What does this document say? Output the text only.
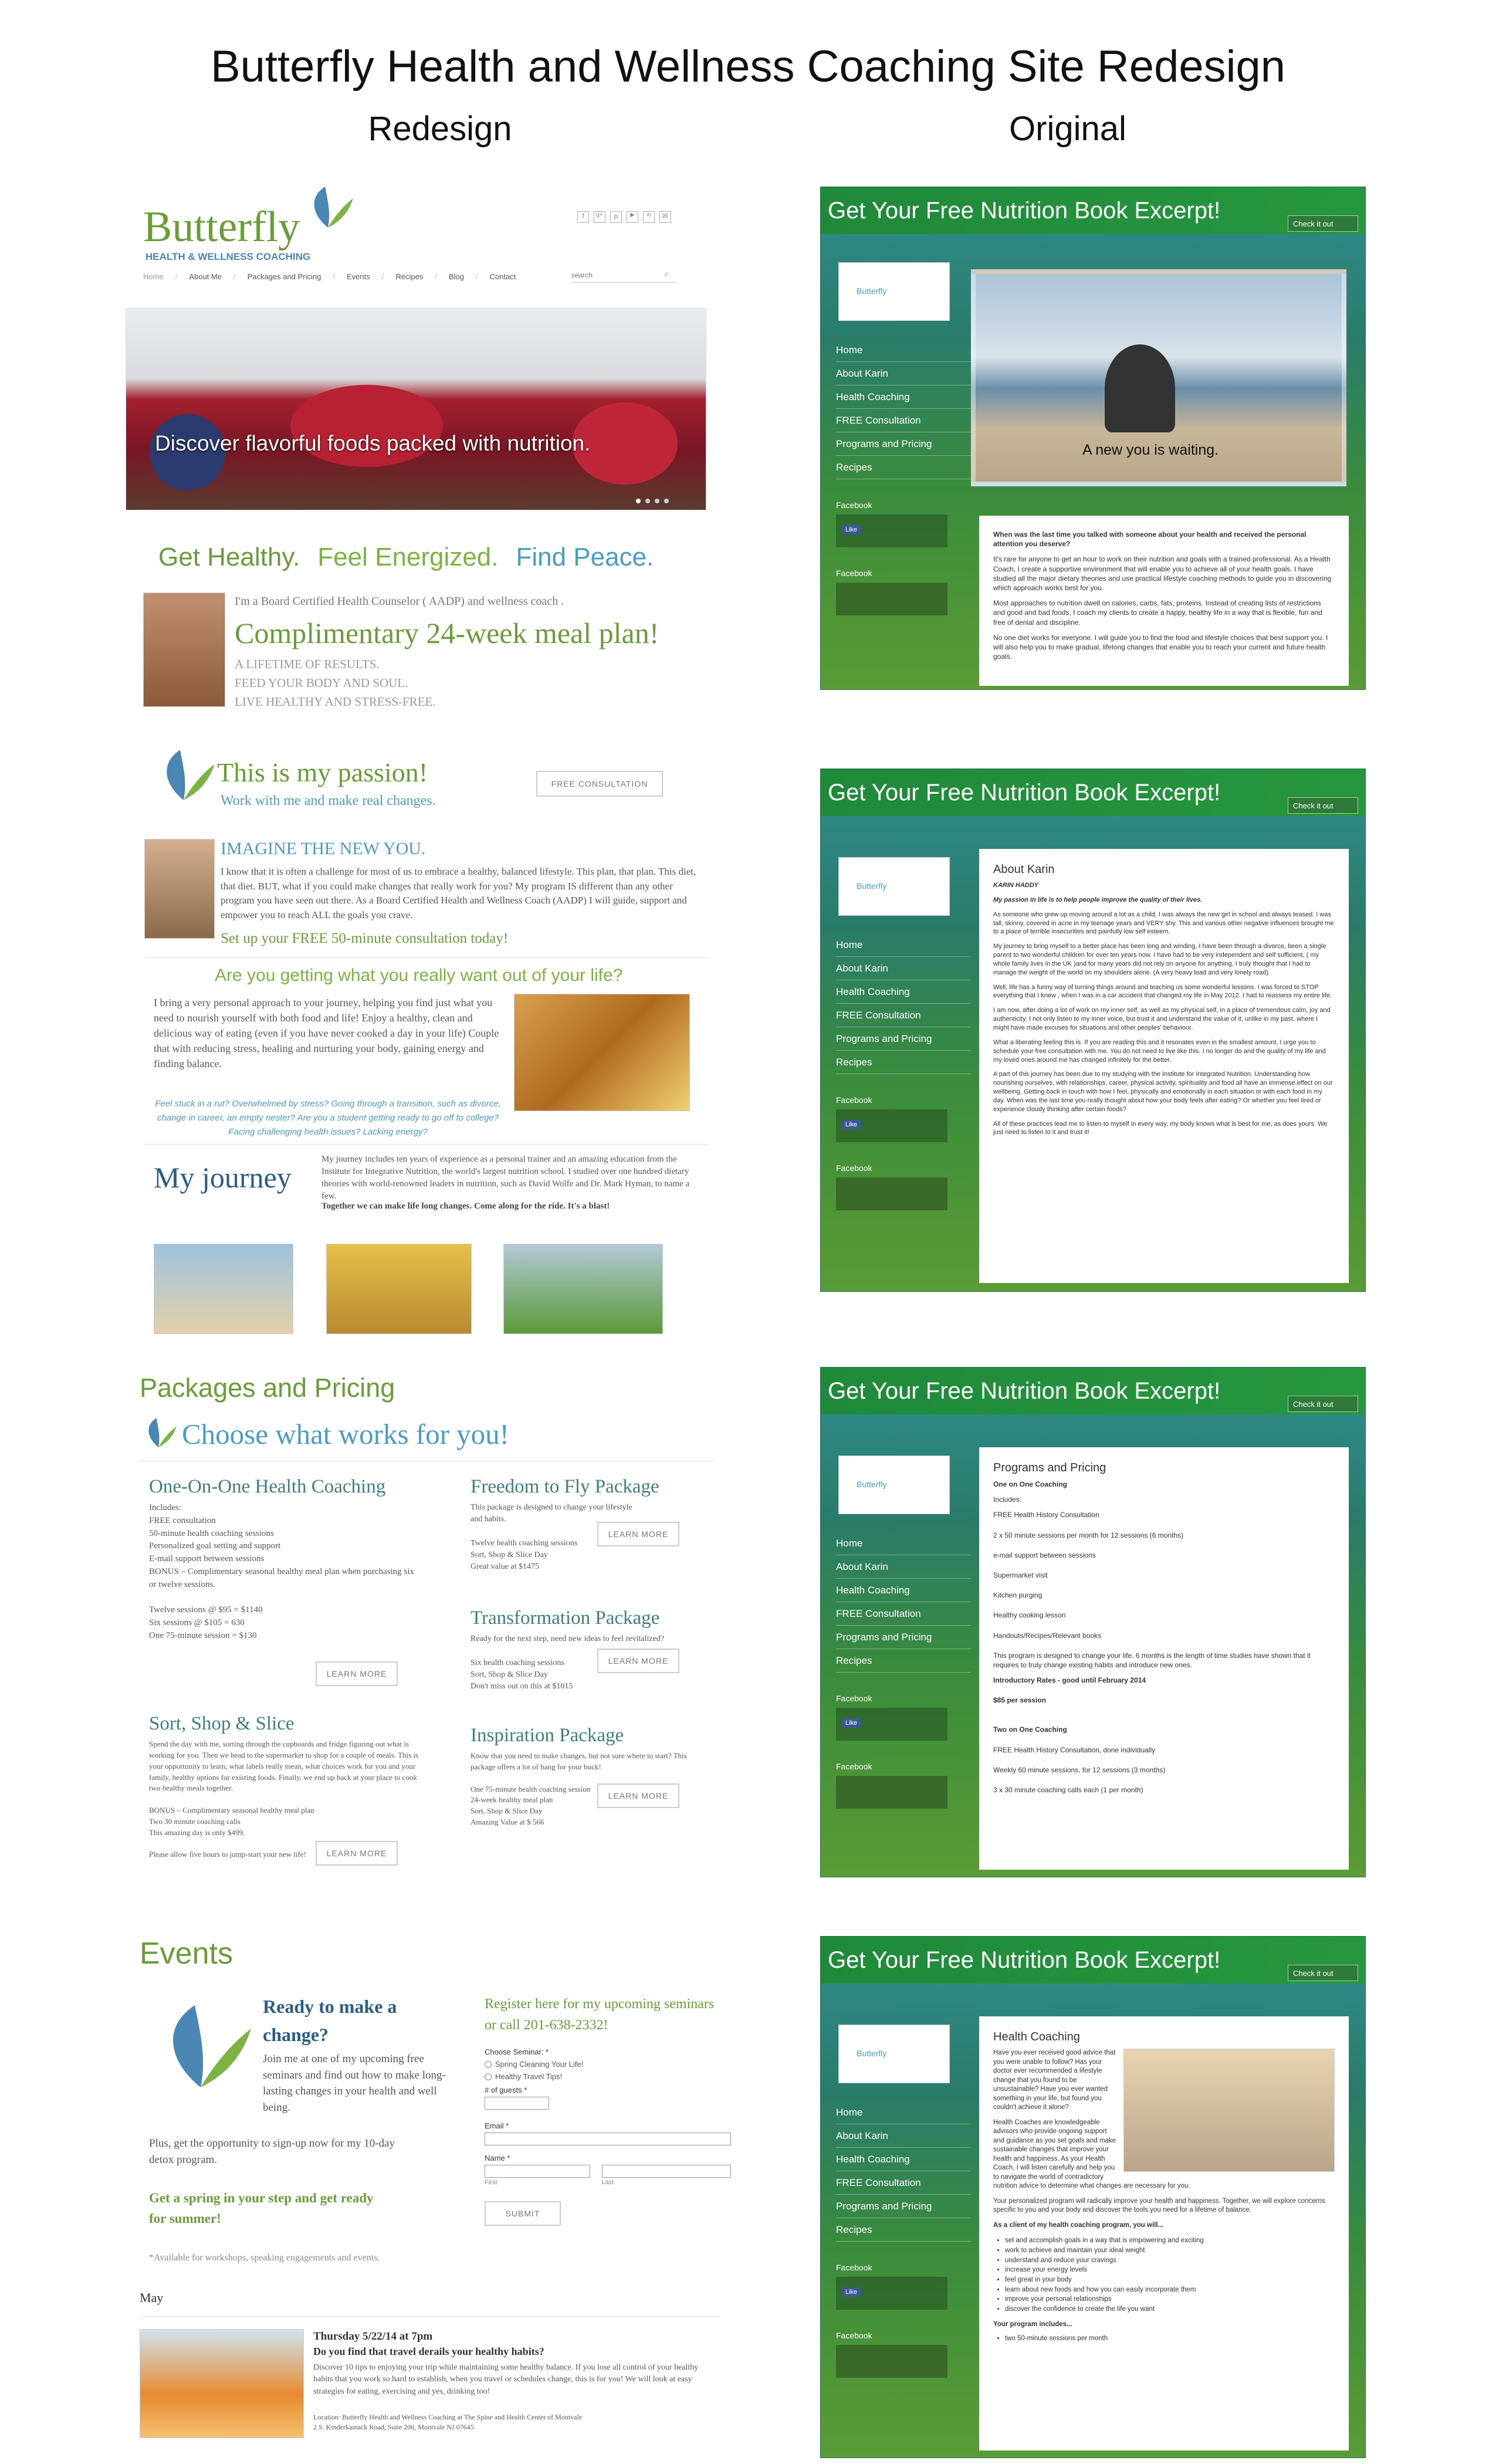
Butterfly Health and Wellness Coaching Site Redesign
Redesign	Original
Butterfly
HEALTH & WELLNESS COACHING
f	g+	p	▶	in	✉
Home / About Me / Packages and Pricing / Events / Recipes / Blog / Contact
search	⌕
Discover flavorful foods packed with nutrition.
Get Healthy. Feel Energized. Find Peace.
I'm a Board Certified Health Counselor ( AADP) and wellness coach .
Complimentary 24-week meal plan!
A LIFETIME OF RESULTS.
FEED YOUR BODY AND SOUL.
LIVE HEALTHY AND STRESS-FREE.
This is my passion!
Work with me and make real changes.
FREE CONSULTATION
IMAGINE THE NEW YOU.
I know that it is often a challenge for most of us to embrace a healthy, balanced lifestyle. This plan, that plan. This diet, that diet. BUT, what if you could make changes that really work for you? My program IS different than any other program you have seen out there. As a Board Certified Health and Wellness Coach (AADP) I will guide, support and empower you to reach ALL the goals you crave.
Set up your FREE 50-minute consultation today!
Are you getting what you really want out of your life?
I bring a very personal approach to your journey, helping you find just what you need to nourish yourself with both food and life! Enjoy a healthy, clean and delicious way of eating (even if you have never cooked a day in your life) Couple that with reducing stress, healing and nurturing your body, gaining energy and finding balance.
Feel stuck in a rut? Overwhelmed by stress? Going through a transition, such as divorce, change in career, an empty nester? Are you a student getting ready to go off to college? Facing challenging health issues? Lacking energy?
My journey
My journey includes ten years of experience as a personal trainer and an amazing education from the Institute for Integrative Nutrition, the world's largest nutrition school. I studied over one hundred dietary theories with world-renowned leaders in nutrition, such as David Wolfe and Dr. Mark Hyman, to name a few.
Together we can make life long changes. Come along for the ride. It's a blast!
Packages and Pricing
Choose what works for you!
One-On-One Health Coaching
Includes:
FREE consultation
50-minute health coaching sessions
Personalized goal setting and support
E-mail support between sessions
BONUS – Complimentary seasonal healthy meal plan when purchasing six or twelve sessions.

Twelve sessions @ $95 = $1140
Six sessions @ $105 = 630
One 75-minute session = $130
LEARN MORE
Freedom to Fly Package
This package is designed to change your lifestyle and habits.

Twelve health coaching sessions
Sort, Shop & Slice Day
Great value at $1475
LEARN MORE
Transformation Package
Ready for the next step, need new ideas to feel revitalized?

Six health coaching sessions
Sort, Shop & Slice Day
Don't miss out on this at $1015
LEARN MORE
Sort, Shop & Slice
Spend the day with me, sorting through the cupboards and fridge figuring out what is working for you. Then we head to the supermarket to shop for a couple of meals. This is your opportunity to learn, what labels really mean, what choices work for you and your family, healthy options for existing foods. Finally, we end up back at your place to cook two healthy meals together.

BONUS – Complimentary seasonal healthy meal plan
Two 30 minute coaching calls
This amazing day is only $499.

Please allow five hours to jump-start your new life!	LEARN MORE
Inspiration Package
Know that you need to make changes, but not sure where to start? This package offers a lot of bang for your buck!

One 75-minute health coaching session
24-week healthy meal plan
Sort, Shop & Slice Day
Amazing Value at $ 566
LEARN MORE
Events
Ready to make a change?
Join me at one of my upcoming free seminars and find out how to make long-lasting changes in your health and well being.
Plus, get the opportunity to sign-up now for my 10-day detox program.
Get a spring in your step and get ready for summer!
*Available for workshops, speaking engagements and events.
Register here for my upcoming seminars or call 201-638-2332!
Choose Seminar: *
Spring Cleaning Your Life!
Healthy Travel Tips!
# of guests *
Email *
Name *
First	Last
SUBMIT
May
Thursday 5/22/14 at 7pm
Do you find that travel derails your healthy habits?
Discover 10 tips to enjoying your trip while maintaining some healthy balance. If you lose all control of your healthy habits that you work so hard to establish, when you travel or schedules change, this is for you! We will look at easy strategies for eating, exercising and yes, drinking too!
Location: Butterfly Health and Wellness Coaching at The Spine and Health Center of Montvale
2 S. Kinderkamack Road, Suite 200, Montvale NJ 07645
Get Your Free Nutrition Book Excerpt!
Check it out
Butterfly
Home
About Karin
Health Coaching
FREE Consultation
Programs and Pricing
Recipes
Facebook
Like
Facebook
A new you is waiting.

When was the last time you talked with someone about your health and received the personal attention you deserve?

It's rare for anyone to get an hour to work on their nutrition and goals with a trained professional. As a Health Coach, I create a supportive environment that will enable you to achieve all of your health goals. I have studied all the major dietary theories and use practical lifestyle coaching methods to guide you in discovering which approach works best for you.

Most approaches to nutrition dwell on calories, carbs, fats, proteins. Instead of creating lists of restrictions and good and bad foods, I coach my clients to create a happy, healthy life in a way that is flexible, fun and free of denial and discipline.

No one diet works for everyone. I will guide you to find the food and lifestyle choices that best support you. I will also help you to make gradual, lifelong changes that enable you to reach your current and future health goals.

Get Your Free Nutrition Book Excerpt!
Check it out
Butterfly
Home
About Karin
Health Coaching
FREE Consultation
Programs and Pricing
Recipes
Facebook
Like
Facebook
About Karin

KARIN HADDY

My passion in life is to help people improve the quality of their lives.

As someone who grew up moving around a lot as a child, I was always the new girl in school and always teased. I was tall, skinny, covered in acne in my teenage years and VERY shy. This and various other negative influences brought me to a place of terrible insecurities and painfully low self esteem.

My journey to bring myself to a better place has been long and winding, I have been through a divorce, been a single parent to two wonderful children for over ten years now. I have had to be very independent and self sufficient, ( my whole family lives in the UK )and for many years did not rely on anyone for anything. I truly thought that I had to manage the weight of the world on my shoulders alone. (A very heavy load and very lonely road)

Well, life has a funny way of turning things around and teaching us some wonderful lessons. I was forced to STOP everything that I knew , when I was in a car accident that changed my life in May 2012. I had to reassess my entire life.

I am now, after doing a lot of work on my inner self, as well as my physical self, in a place of tremendous calm, joy and authenticity. I not only listen to my inner voice, but trust it and understand the value of it, unlike in my past, where I might have made excuses for situations and other peoples' behaviour.

What a liberating feeling this is. If you are reading this and it resonates even in the smallest amount, I urge you to schedule your free consultation with me. You do not need to live like this. I no longer do and the quality of my life and my loved ones around me has changed infinitely for the better.

A part of this journey has been due to my studying with the Institute for Integrated Nutrition. Understanding how nourishing ourselves, with relationships, career, physical activity, spirituality and food all have an immense effect on our wellbeing. Getting back in touch with how I feel, physically and emotionally in each situation or with each food in my day. When was the last time you really thought about how your body feels after eating? Or whether you feel tired or experience cloudy thinking after certain foods?

All of these practices lead me to listen to myself in every way, my body knows what is best for me, as does yours. We just need to listen to it and trust it!

Get Your Free Nutrition Book Excerpt!
Check it out
Butterfly
Home
About Karin
Health Coaching
FREE Consultation
Programs and Pricing
Recipes
Facebook
Like
Facebook
Programs and Pricing

One on One Coaching

Includes:

FREE Health History Consultation

2 x 50 minute sessions per month for 12 sessions (6 months)

e-mail support between sessions

Supermarket visit

Kitchen purging

Healthy cooking lesson

Handouts/Recipes/Relevant books

This program is designed to change your life. 6 months is the length of time studies have shown that it requires to truly change existing habits and introduce new ones.

Introductory Rates - good until February 2014

$85 per session

Two on One Coaching

FREE Health History Consultation, done individually

Weekly 60 minute sessions, for 12 sessions (3 months)

3 x 30 minute coaching calls each (1 per month)

Get Your Free Nutrition Book Excerpt!
Check it out
Butterfly
Home
About Karin
Health Coaching
FREE Consultation
Programs and Pricing
Recipes
Facebook
Like
Facebook
Health Coaching

Have you ever received good advice that you were unable to follow? Has your doctor ever recommended a lifestyle change that you found to be unsustainable? Have you ever wanted something in your life, but found you couldn't achieve it alone?

Health Coaches are knowledgeable advisors who provide ongoing support and guidance as you set goals and make sustainable changes that improve your health and happiness. As your Health Coach, I will listen carefully and help you to navigate the world of contradictory nutrition advice to determine what changes are necessary for you.

Your personalized program will radically improve your health and happiness. Together, we will explore concerns specific to you and your body and discover the tools you need for a lifetime of balance.

As a client of my health coaching program, you will...

• set and accomplish goals in a way that is empowering and exciting
• work to achieve and maintain your ideal weight
• understand and reduce your cravings
• increase your energy levels
• feel great in your body
• learn about new foods and how you can easily incorporate them
• improve your personal relationships
• discover the confidence to create the life you want

Your program includes...

• two 50-minute sessions per month
